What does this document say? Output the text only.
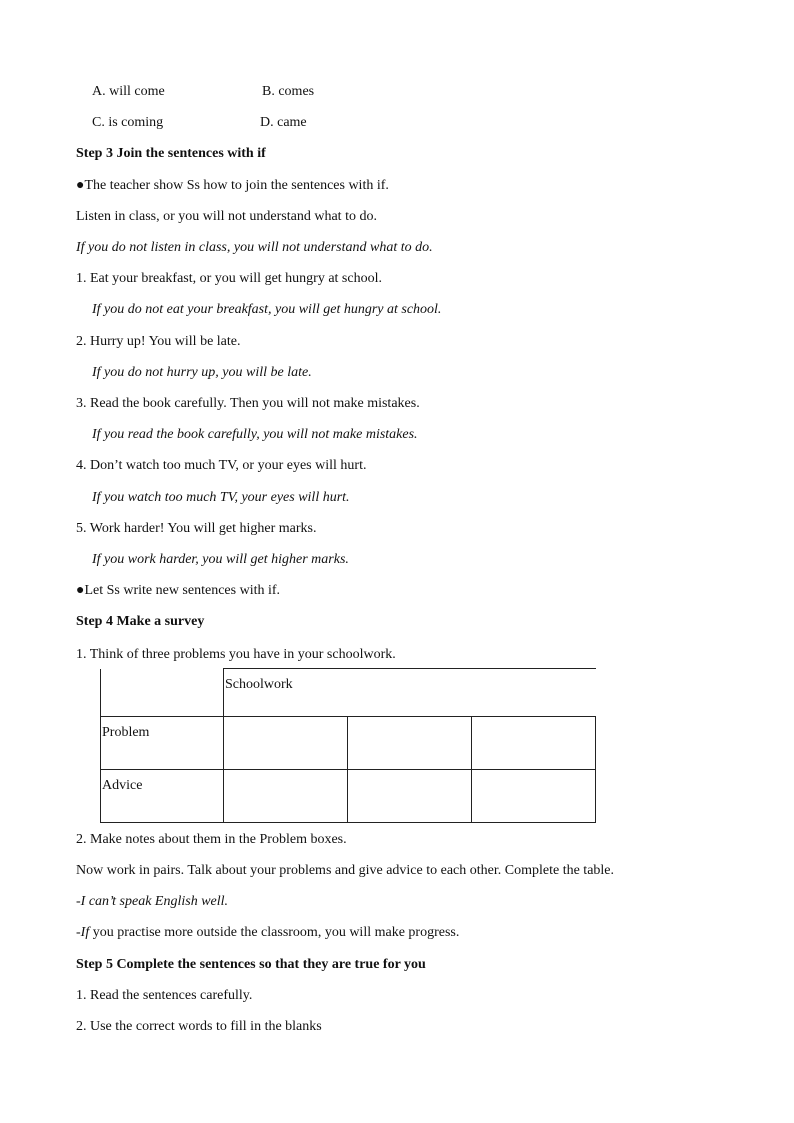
A. will come	B. comes
C. is coming	D. came
Step 3 Join the sentences with if
●The teacher show Ss how to join the sentences with if.
Listen in class, or you will not understand what to do.
If you do not listen in class, you will not understand what to do.
1. Eat your breakfast, or you will get hungry at school.
If you do not eat your breakfast, you will get hungry at school.
2. Hurry up! You will be late.
If you do not hurry up, you will be late.
3. Read the book carefully. Then you will not make mistakes.
If you read the book carefully, you will not make mistakes.
4. Don’t watch too much TV, or your eyes will hurt.
If you watch too much TV, your eyes will hurt.
5. Work harder! You will get higher marks.
If you work harder, you will get higher marks.
●Let Ss write new sentences with if.
Step 4 Make a survey
1. Think of three problems you have in your schoolwork.
	Schoolwork		
Problem			
Advice			
2. Make notes about them in the Problem boxes.
Now work in pairs. Talk about your problems and give advice to each other. Complete the table.
-I can’t speak English well.
-If you practise more outside the classroom, you will make progress.
Step 5 Complete the sentences so that they are true for you
1. Read the sentences carefully.
2. Use the correct words to fill in the blanks
